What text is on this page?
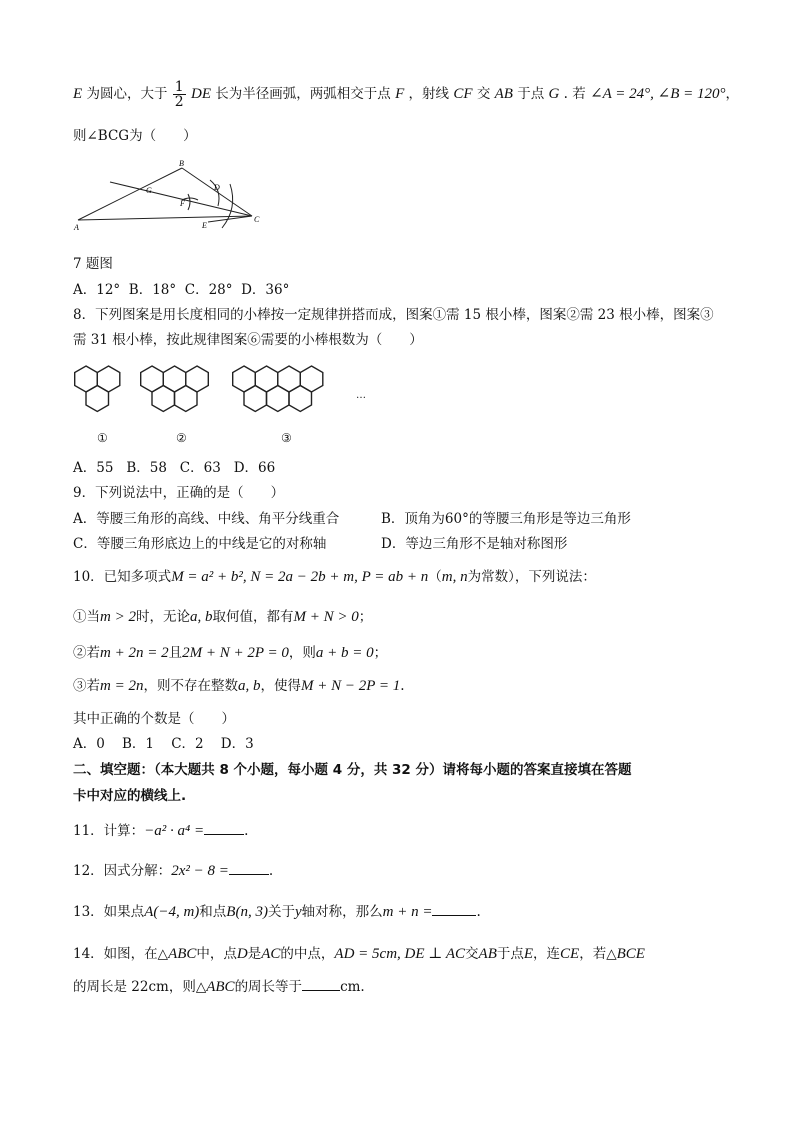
E 为圆心，大于 $\frac{1}{2}$ DE 长为半径画弧，两弧相交于点 F ，射线 CF 交 AB 于点 G . 若 ∠A = 24°, ∠B = 120°，
则∠BCG为（　　）
A
B
C
D
E
F
G
7 题图
A．12° B．18° C．28° D．36°
8．下列图案是用长度相同的小棒按一定规律拼搭而成，图案①需 15 根小棒，图案②需 23 根小棒，图案③
需 31 根小棒，按此规律图案⑥需要的小棒根数为（　　）
①	②	③
…
A．55 B．58 C．63 D．66
9．下列说法中，正确的是（　　）
A．等腰三角形的高线、中线、角平分线重合	B．顶角为60°的等腰三角形是等边三角形
C．等腰三角形底边上的中线是它的对称轴	D．等边三角形不是轴对称图形
10．已知多项式M = a² + b², N = 2a − 2b + m, P = ab + n（m, n为常数），下列说法：
①当m > 2时，无论a, b取何值，都有M + N > 0；
②若m + 2n = 2且2M + N + 2P = 0，则a + b = 0；
③若m = 2n，则不存在整数a, b，使得M + N − 2P = 1.
其中正确的个数是（　　）
A．0 B．1 C．2 D．3
二、填空题：（本大题共 8 个小题，每小题 4 分，共 32 分）请将每小题的答案直接填在答题
卡中对应的横线上.
11．计算：−a² · a⁴ =	.
12．因式分解：2x² − 8 =	.
13．如果点A(−4, m)和点B(n, 3)关于y轴对称，那么m + n =	.
14．如图，在△ABC中，点D是AC的中点，AD = 5cm, DE ⊥ AC交AB于点E，连CE，若△BCE
的周长是 22cm，则△ABC的周长等于	cm.
